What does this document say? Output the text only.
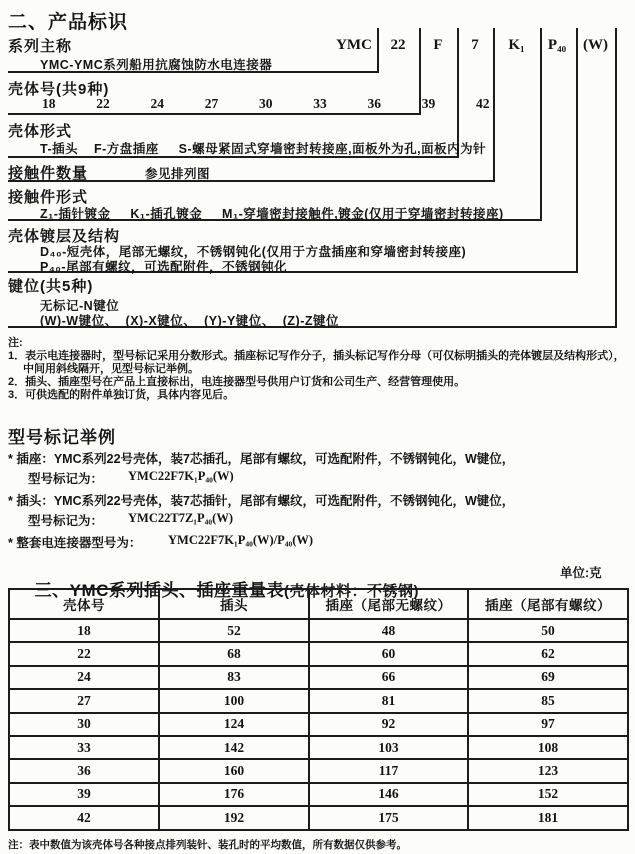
二、产品标识
YMC	22	F	7	K₁	P₄₀	(W)
系列主称
YMC-YMC系列船用抗腐蚀防水电连接器
壳体号(共9种)
18  22  24  27  30  33  36  39  42
壳体形式
T-插头    F-方盘插座     S-螺母紧固式穿墙密封转接座,面板外为孔,面板内为针
接触件数量	参见排列图
接触件形式
Z₁-插针镀金     K₁-插孔镀金     M₁-穿墙密封接触件,镀金(仅用于穿墙密封转接座)
壳体镀层及结构
D₄₀-短壳体，尾部无螺纹，不锈钢钝化(仅用于方盘插座和穿墙密封转接座)
P₄₀-尾部有螺纹，可选配附件，不锈钢钝化
键位(共5种)
无标记-N键位
(W)-W键位、  (X)-X键位、  (Y)-Y键位、  (Z)-Z键位
注:
1．表示电连接器时，型号标记采用分数形式。插座标记写作分子，插头标记写作分母（可仅标明插头的壳体镀层及结构形式），
中间用斜线隔开，见型号标记举例。
2．插头、插座型号在产品上直接标出，电连接器型号供用户订货和公司生产、经营管理使用。
3．可供选配的附件单独订货，具体内容见后。
型号标记举例
* 插座：YMC系列22号壳体，装7芯插孔，尾部有螺纹，可选配附件，不锈钢钝化，W键位，
型号标记为： YMC22F7K₁P₄₀(W)
* 插头：YMC系列22号壳体，装7芯插针，尾部有螺纹，可选配附件，不锈钢钝化，W键位，
型号标记为： YMC22T7Z₁P₄₀(W)
* 整套电连接器型号为： YMC22F7K₁P₄₀(W)/P₄₀(W)

三、YMC系列插头、插座重量表(壳体材料：不锈钢)

单位:克
壳体号	插头	插座（尾部无螺纹）	插座（尾部有螺纹）
18	52	48	50
22	68	60	62
24	83	66	69
27	100	81	85
30	124	92	97
33	142	103	108
36	160	117	123
39	176	146	152
42	192	175	181
注：表中数值为该壳体号各种接点排列装针、装孔时的平均数值，所有数据仅供参考。
